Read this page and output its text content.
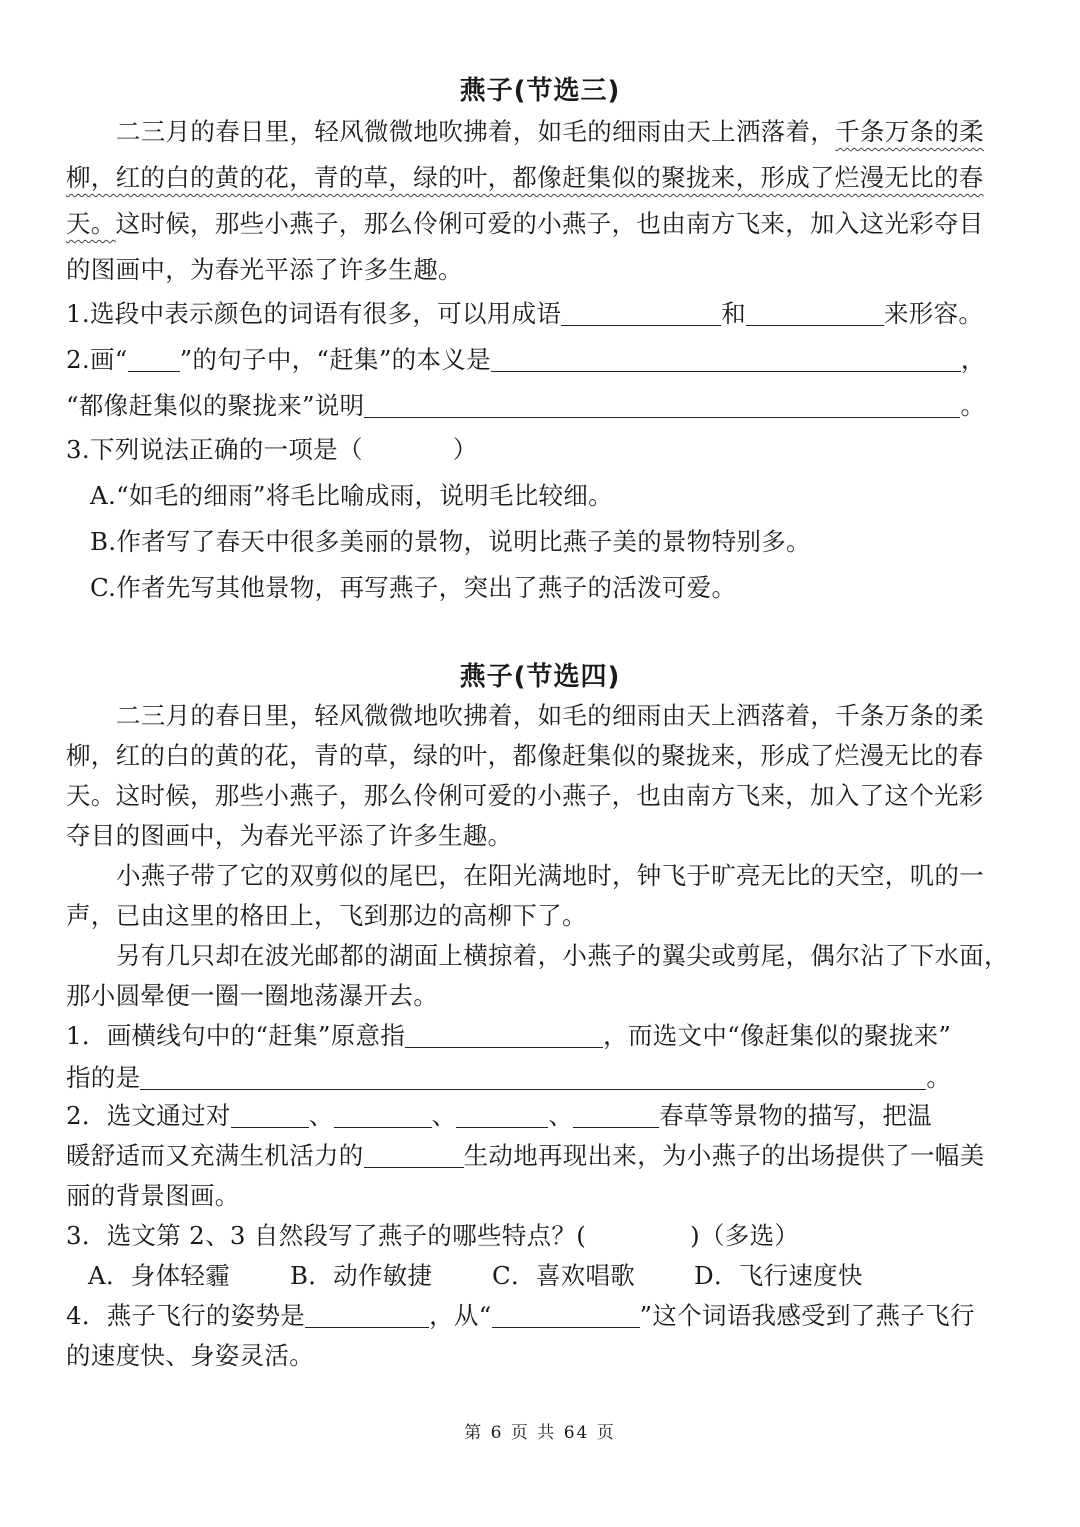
燕子(节选三)
二三月的春日里，轻风微微地吹拂着，如毛的细雨由天上洒落着，千条万条的柔
柳，红的白的黄的花，青的草，绿的叶，都像赶集似的聚拢来，形成了烂漫无比的春
天。这时候，那些小燕子，那么伶俐可爱的小燕子，也由南方飞来，加入这光彩夺目
的图画中，为春光平添了许多生趣。
1.选段中表示颜色的词语有很多，可以用成语	和	来形容。
2.画“ ”的句子中，“赶集”的本义是	，
“都像赶集似的聚拢来”说明	。
3.下列说法正确的一项是（	）
A.“如毛的细雨”将毛比喻成雨，说明毛比较细。
B.作者写了春天中很多美丽的景物，说明比燕子美的景物特别多。
C.作者先写其他景物，再写燕子，突出了燕子的活泼可爱。
燕子(节选四)
二三月的春日里，轻风微微地吹拂着，如毛的细雨由天上洒落着，千条万条的柔
柳，红的白的黄的花，青的草，绿的叶，都像赶集似的聚拢来，形成了烂漫无比的春
天。这时候，那些小燕子，那么伶俐可爱的小燕子，也由南方飞来，加入了这个光彩
夺目的图画中，为春光平添了许多生趣。
小燕子带了它的双剪似的尾巴，在阳光满地时，钟飞于旷亮无比的天空，叽的一
声，已由这里的格田上，飞到那边的高柳下了。
另有几只却在波光邮都的湖面上横掠着，小燕子的翼尖或剪尾，偶尔沾了下水面，
那小圆晕便一圈一圈地荡瀑开去。
1．画横线句中的“赶集”原意指	，而选文中“像赶集似的聚拢来”
指的是	。
2．选文通过对	、	、	、	春草等景物的描写，把温
暖舒适而又充满生机活力的	生动地再现出来，为小燕子的出场提供了一幅美
丽的背景图画。
3．选文第 2、3 自然段写了燕子的哪些特点？(	)（多选）
A．身体轻霾 B．动作敏捷 C．喜欢唱歌 D．飞行速度快
4．燕子飞行的姿势是	，从“	”这个词语我感受到了燕子飞行
的速度快、身姿灵活。
第 6 页 共 64 页
